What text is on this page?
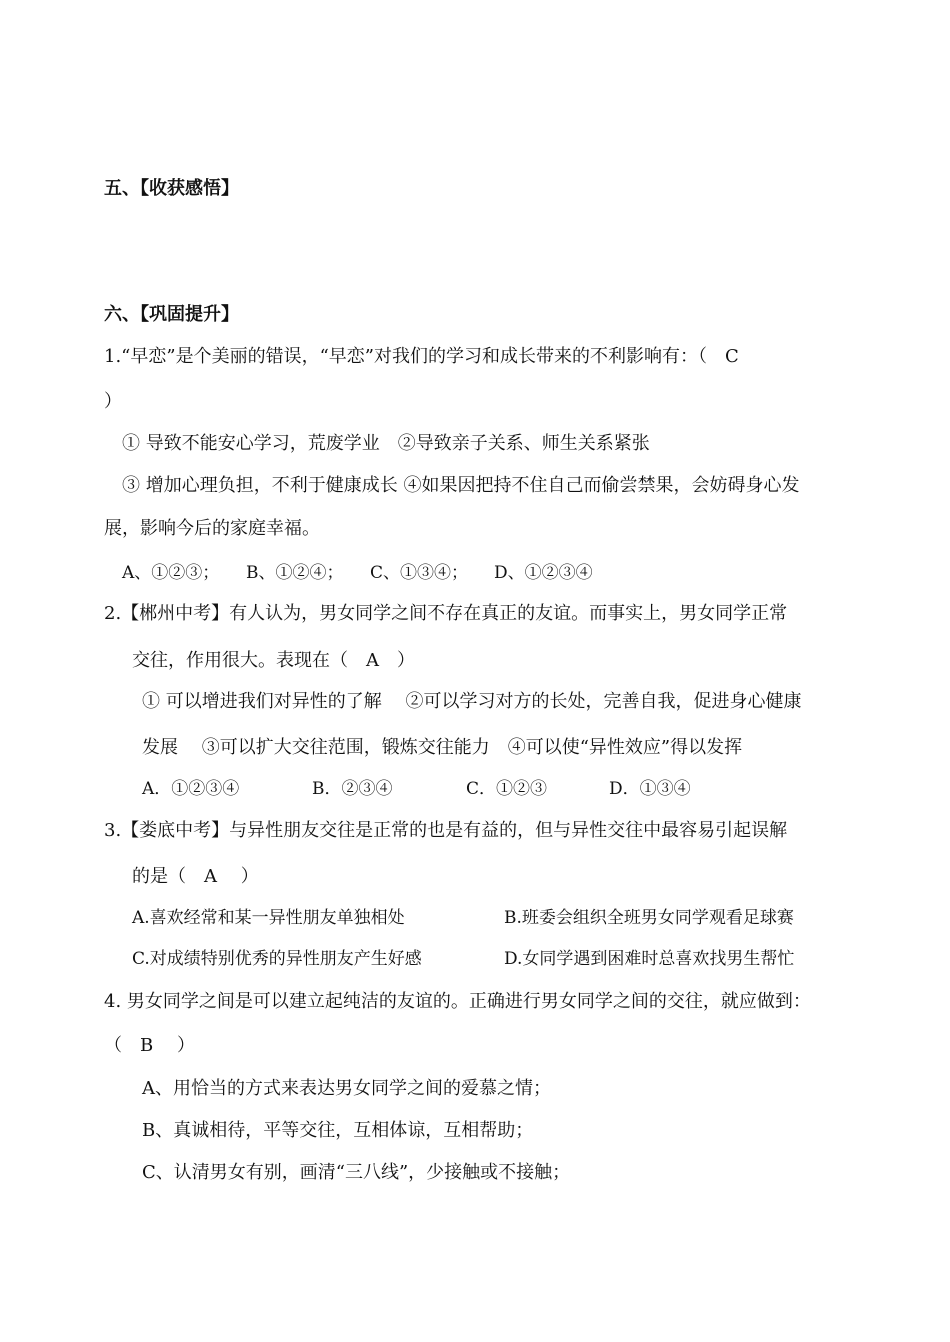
五、【收获感悟】
六、【巩固提升】
1.“早恋”是个美丽的错误，“早恋”对我们的学习和成长带来的不利影响有：（　C
）
① 导致不能安心学习，荒废学业　②导致亲子关系、师生关系紧张
③ 增加心理负担，不利于健康成长 ④如果因把持不住自己而偷尝禁果，会妨碍身心发
展，影响今后的家庭幸福。
A、①②③； B、①②④； C、①③④； D、①②③④
2.【郴州中考】有人认为，男女同学之间不存在真正的友谊。而事实上，男女同学正常
交往，作用很大。表现在（　A　）
① 可以增进我们对异性的了解　 ②可以学习对方的长处，完善自我，促进身心健康
发展　 ③可以扩大交往范围，锻炼交往能力　④可以使“异性效应”得以发挥
A．①②③④	B．②③④	C．①②③	D．①③④
3.【娄底中考】与异性朋友交往是正常的也是有益的，但与异性交往中最容易引起误解
的是（　A　 ）
A.喜欢经常和某一异性朋友单独相处	B.班委会组织全班男女同学观看足球赛
C.对成绩特别优秀的异性朋友产生好感	D.女同学遇到困难时总喜欢找男生帮忙
4. 男女同学之间是可以建立起纯洁的友谊的。正确进行男女同学之间的交往，就应做到：
（　B　 ）
A、用恰当的方式来表达男女同学之间的爱慕之情；
B、真诚相待，平等交往，互相体谅，互相帮助；
C、认清男女有别，画清“三八线”，少接触或不接触；
